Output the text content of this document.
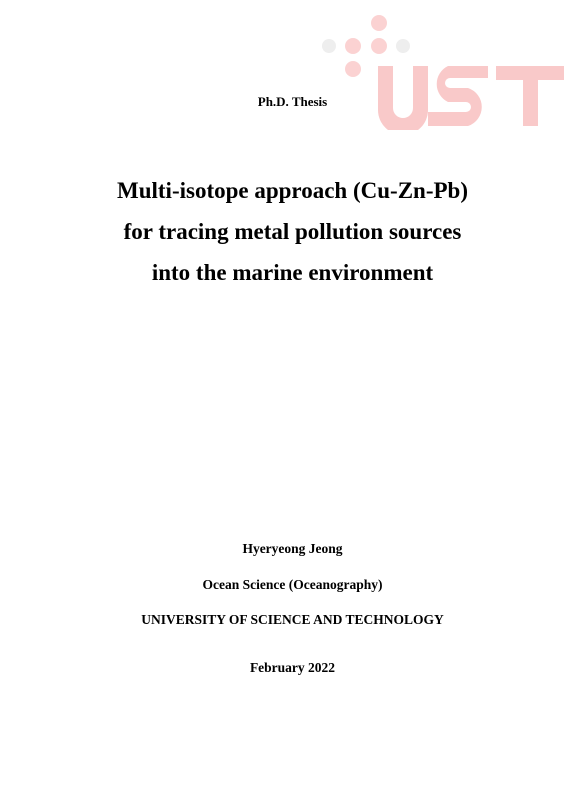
Ph.D. Thesis
Multi-isotope approach (Cu-Zn-Pb)
for tracing metal pollution sources
into the marine environment
Hyeryeong Jeong
Ocean Science (Oceanography)
UNIVERSITY OF SCIENCE AND TECHNOLOGY
February 2022
